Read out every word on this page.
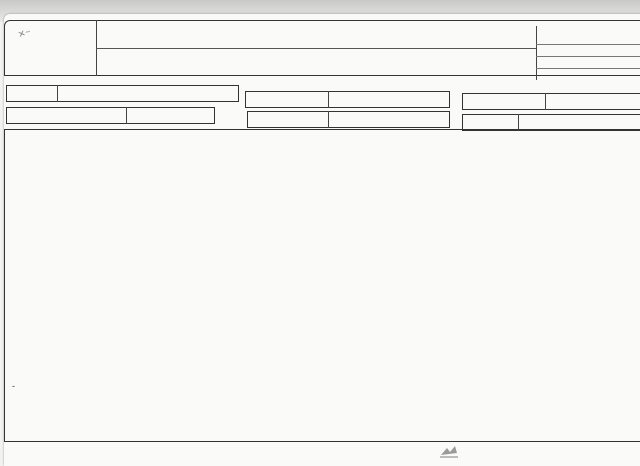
✕~
-
